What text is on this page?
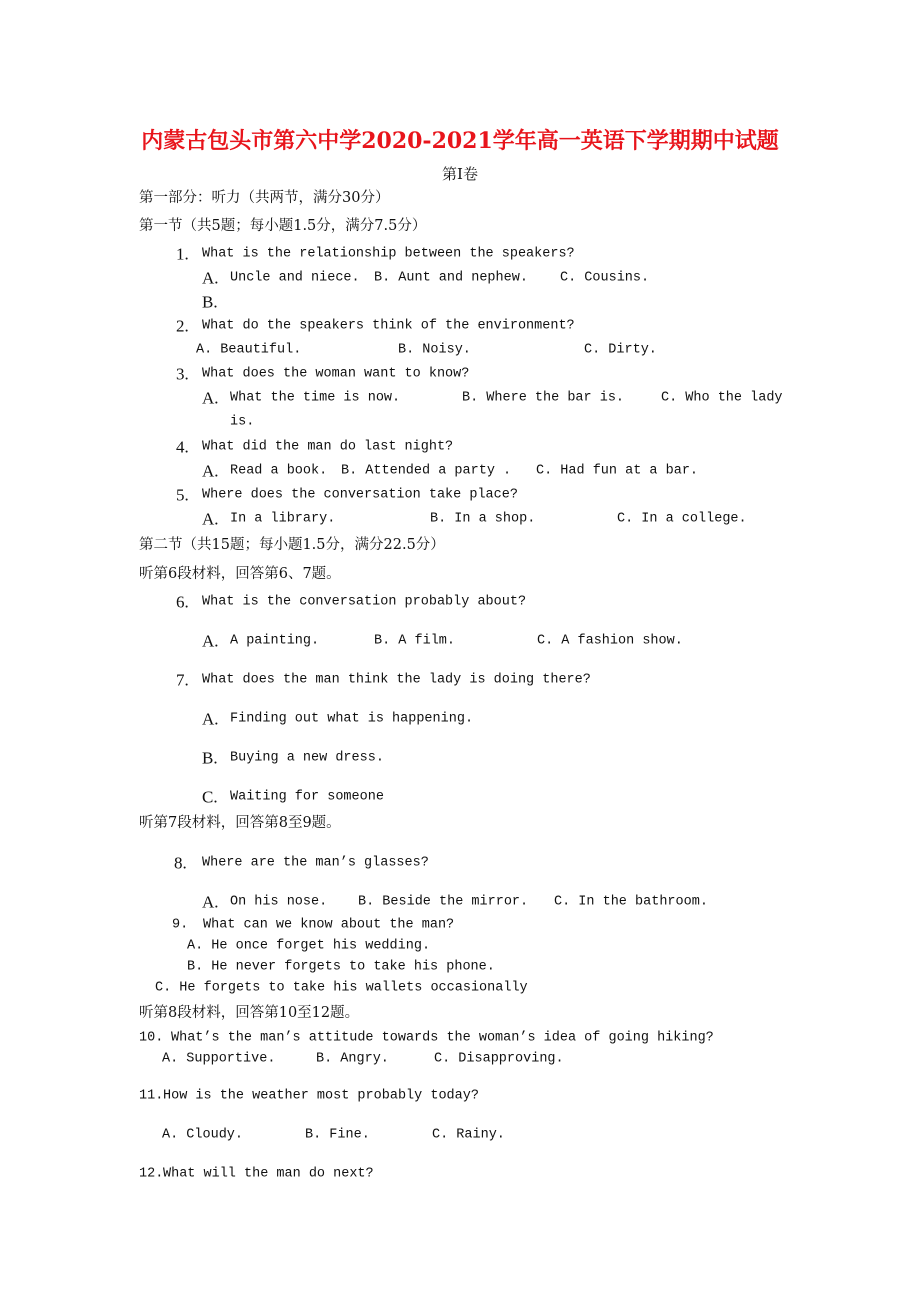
内蒙古包头市第六中学2020-2021学年高一英语下学期期中试题
第Ⅰ卷
第一部分：听力（共两节，满分30分）
第一节（共5题；每小题1.5分，满分7.5分）
1. What is the relationship between the speakers?
A. Uncle and niece. B. Aunt and nephew. C. Cousins.
B.
2. What do the speakers think of the environment?
A. Beautiful.	B. Noisy.	C. Dirty.
3. What does the woman want to know?
A. What the time is now.	B. Where the bar is.	C. Who the lady
is.
4. What did the man do last night?
A. Read a book. B. Attended a party . C. Had fun at a bar.
5. Where does the conversation take place?
A. In a library.	B. In a shop.	C. In a college.
第二节（共15题；每小题1.5分，满分22.5分）
听第6段材料，回答第6、7题。
6. What is the conversation probably about?
A. A painting.	B. A film.	C. A fashion show.
7. What does the man think the lady is doing there?
A. Finding out what is happening.
B. Buying a new dress.
C. Waiting for someone
听第7段材料，回答第8至9题。
8. Where are the man’s glasses?
A. On his nose. B. Beside the mirror. C. In the bathroom.
9. What can we know about the man?
A. He once forget his wedding.
B. He never forgets to take his phone.
C. He forgets to take his wallets occasionally
听第8段材料，回答第10至12题。
10. What’s the man’s attitude towards the woman’s idea of going hiking?
A. Supportive.	B. Angry.	C. Disapproving.
11. How is the weather most probably today?
A. Cloudy.	B. Fine.	C. Rainy.
12. What will the man do next?
